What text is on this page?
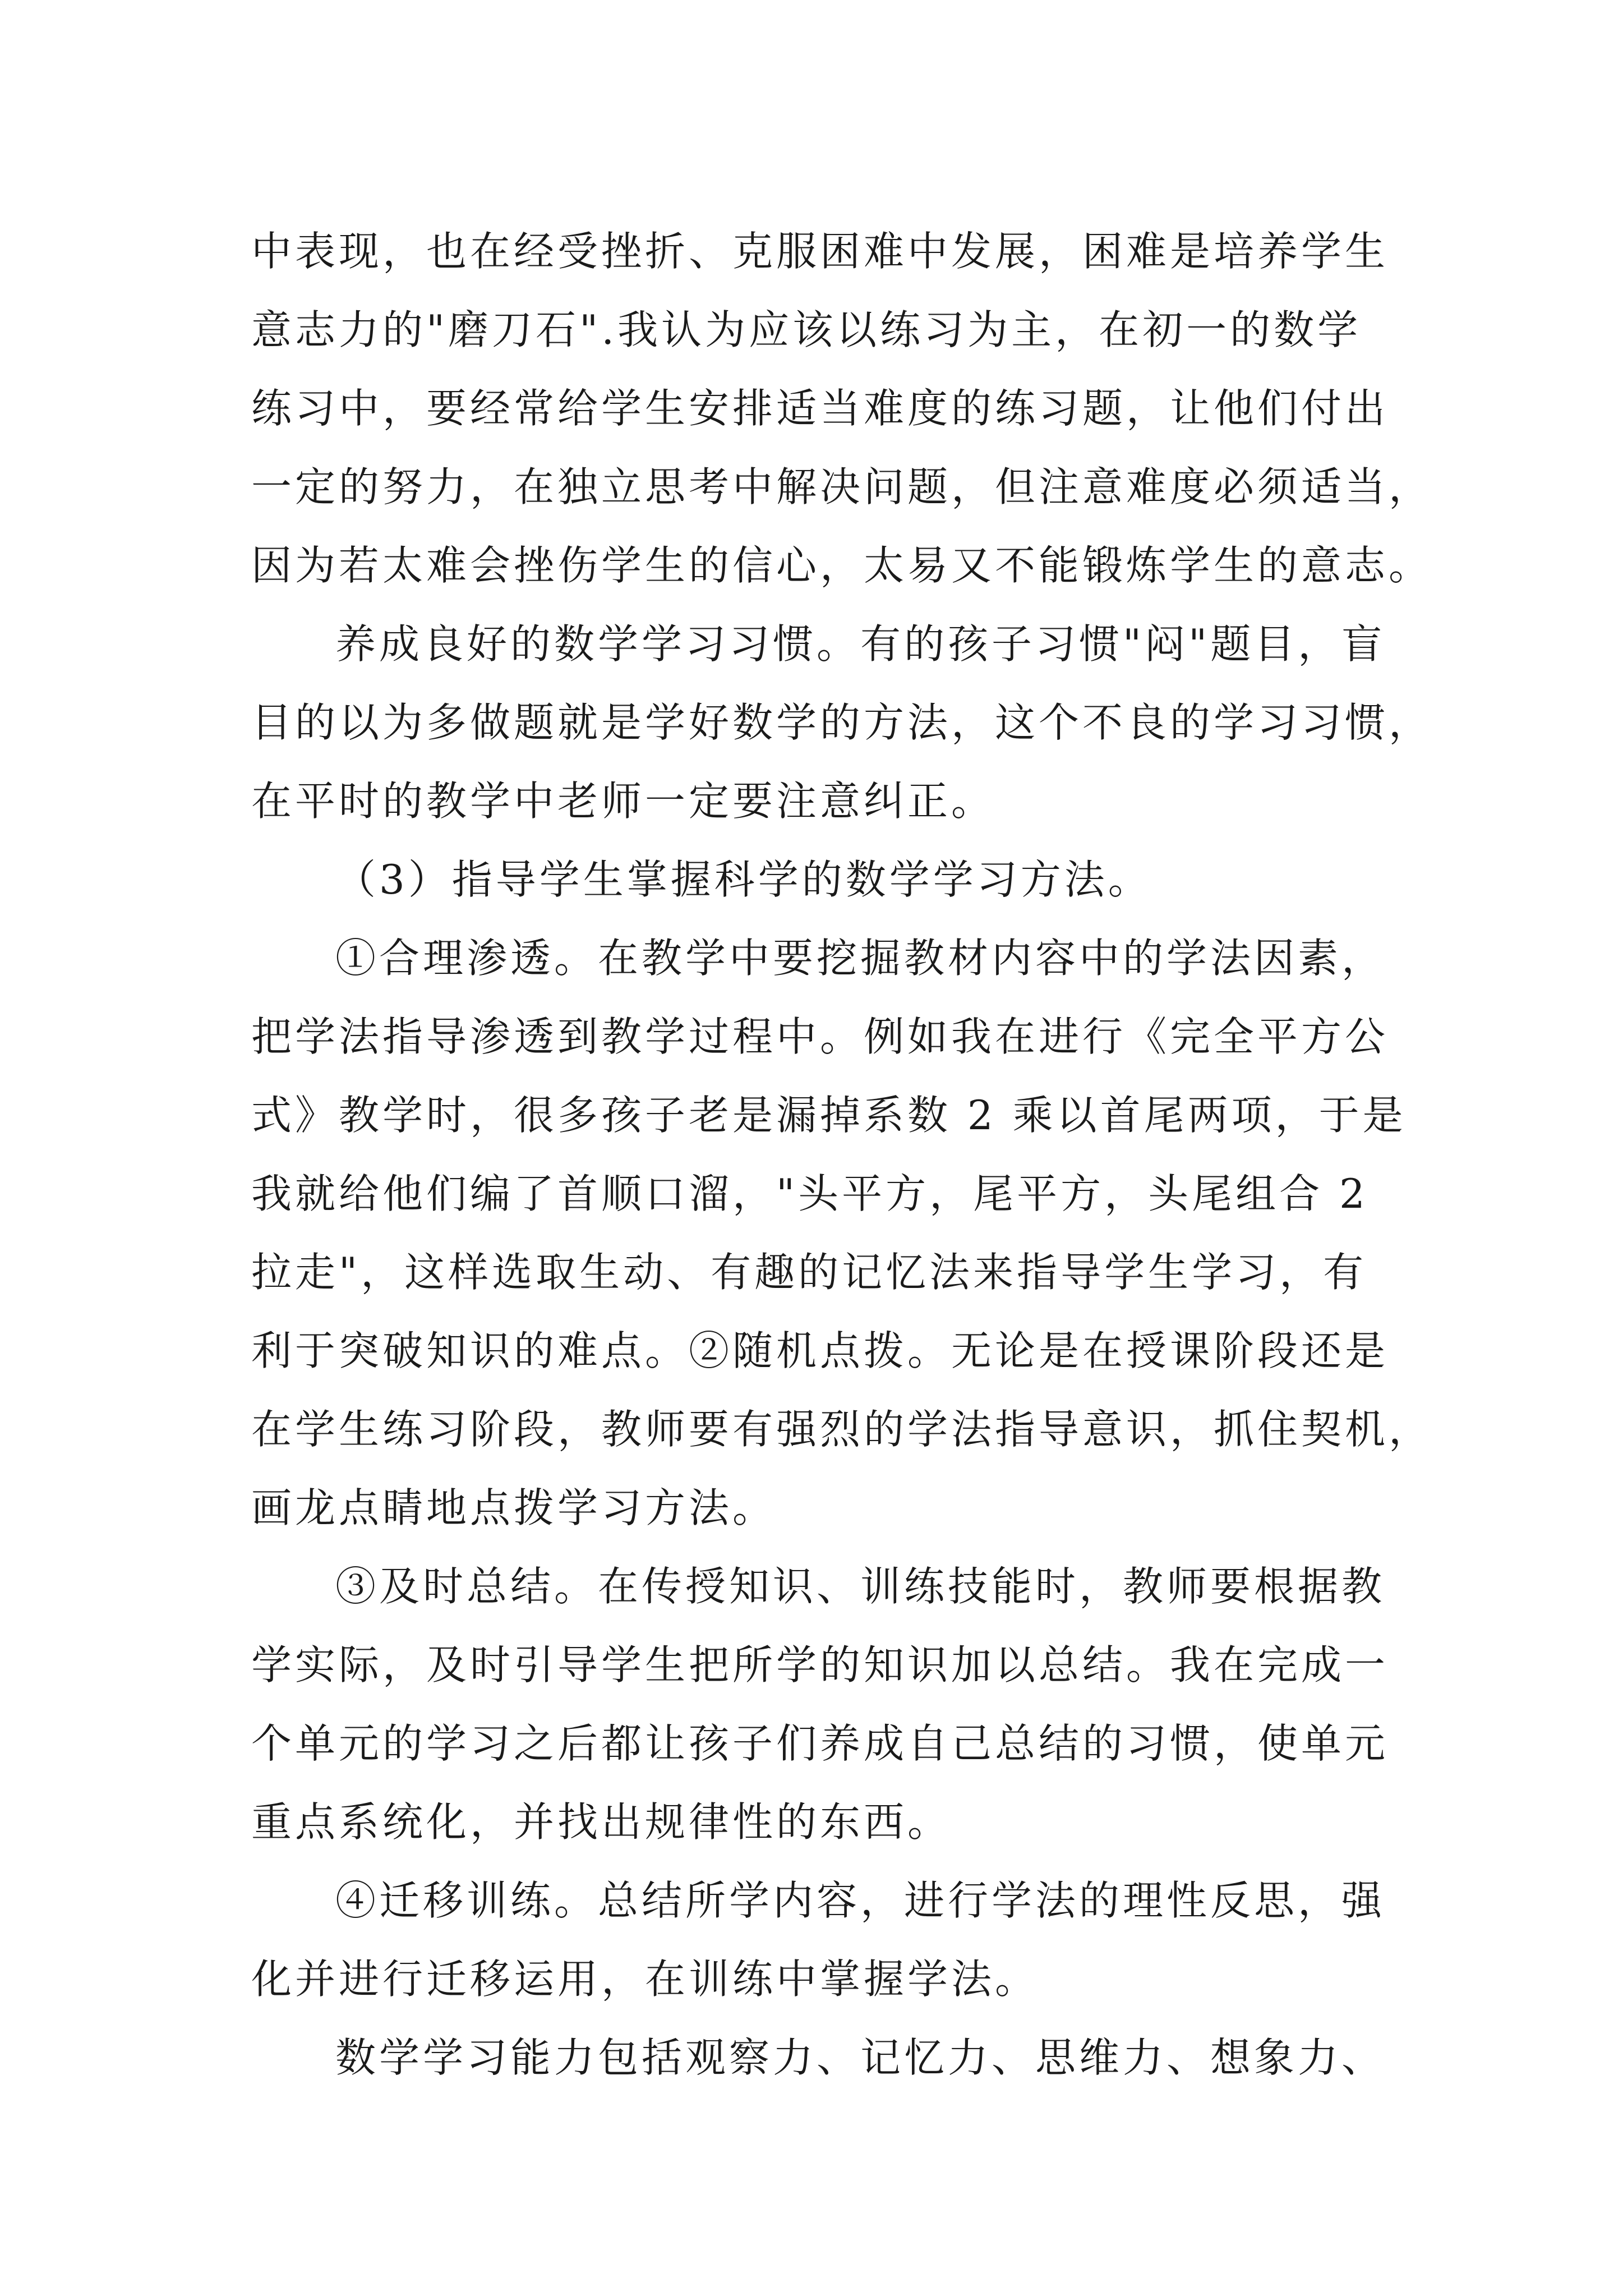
中表现，也在经受挫折、克服困难中发展，困难是培养学生
意志力的"磨刀石".我认为应该以练习为主，在初一的数学
练习中，要经常给学生安排适当难度的练习题，让他们付出
一定的努力，在独立思考中解决问题，但注意难度必须适当，
因为若太难会挫伤学生的信心，太易又不能锻炼学生的意志。
养成良好的数学学习习惯。有的孩子习惯"闷"题目，盲
目的以为多做题就是学好数学的方法，这个不良的学习习惯，
在平时的教学中老师一定要注意纠正。
（3）指导学生掌握科学的数学学习方法。
①合理渗透。在教学中要挖掘教材内容中的学法因素，
把学法指导渗透到教学过程中。例如我在进行《完全平方公
式》教学时，很多孩子老是漏掉系数 2 乘以首尾两项，于是
我就给他们编了首顺口溜，"头平方，尾平方，头尾组合 2
拉走"，这样选取生动、有趣的记忆法来指导学生学习，有
利于突破知识的难点。②随机点拨。无论是在授课阶段还是
在学生练习阶段，教师要有强烈的学法指导意识，抓住契机，
画龙点睛地点拨学习方法。
③及时总结。在传授知识、训练技能时，教师要根据教
学实际，及时引导学生把所学的知识加以总结。我在完成一
个单元的学习之后都让孩子们养成自己总结的习惯，使单元
重点系统化，并找出规律性的东西。
④迁移训练。总结所学内容，进行学法的理性反思，强
化并进行迁移运用，在训练中掌握学法。
数学学习能力包括观察力、记忆力、思维力、想象力、
